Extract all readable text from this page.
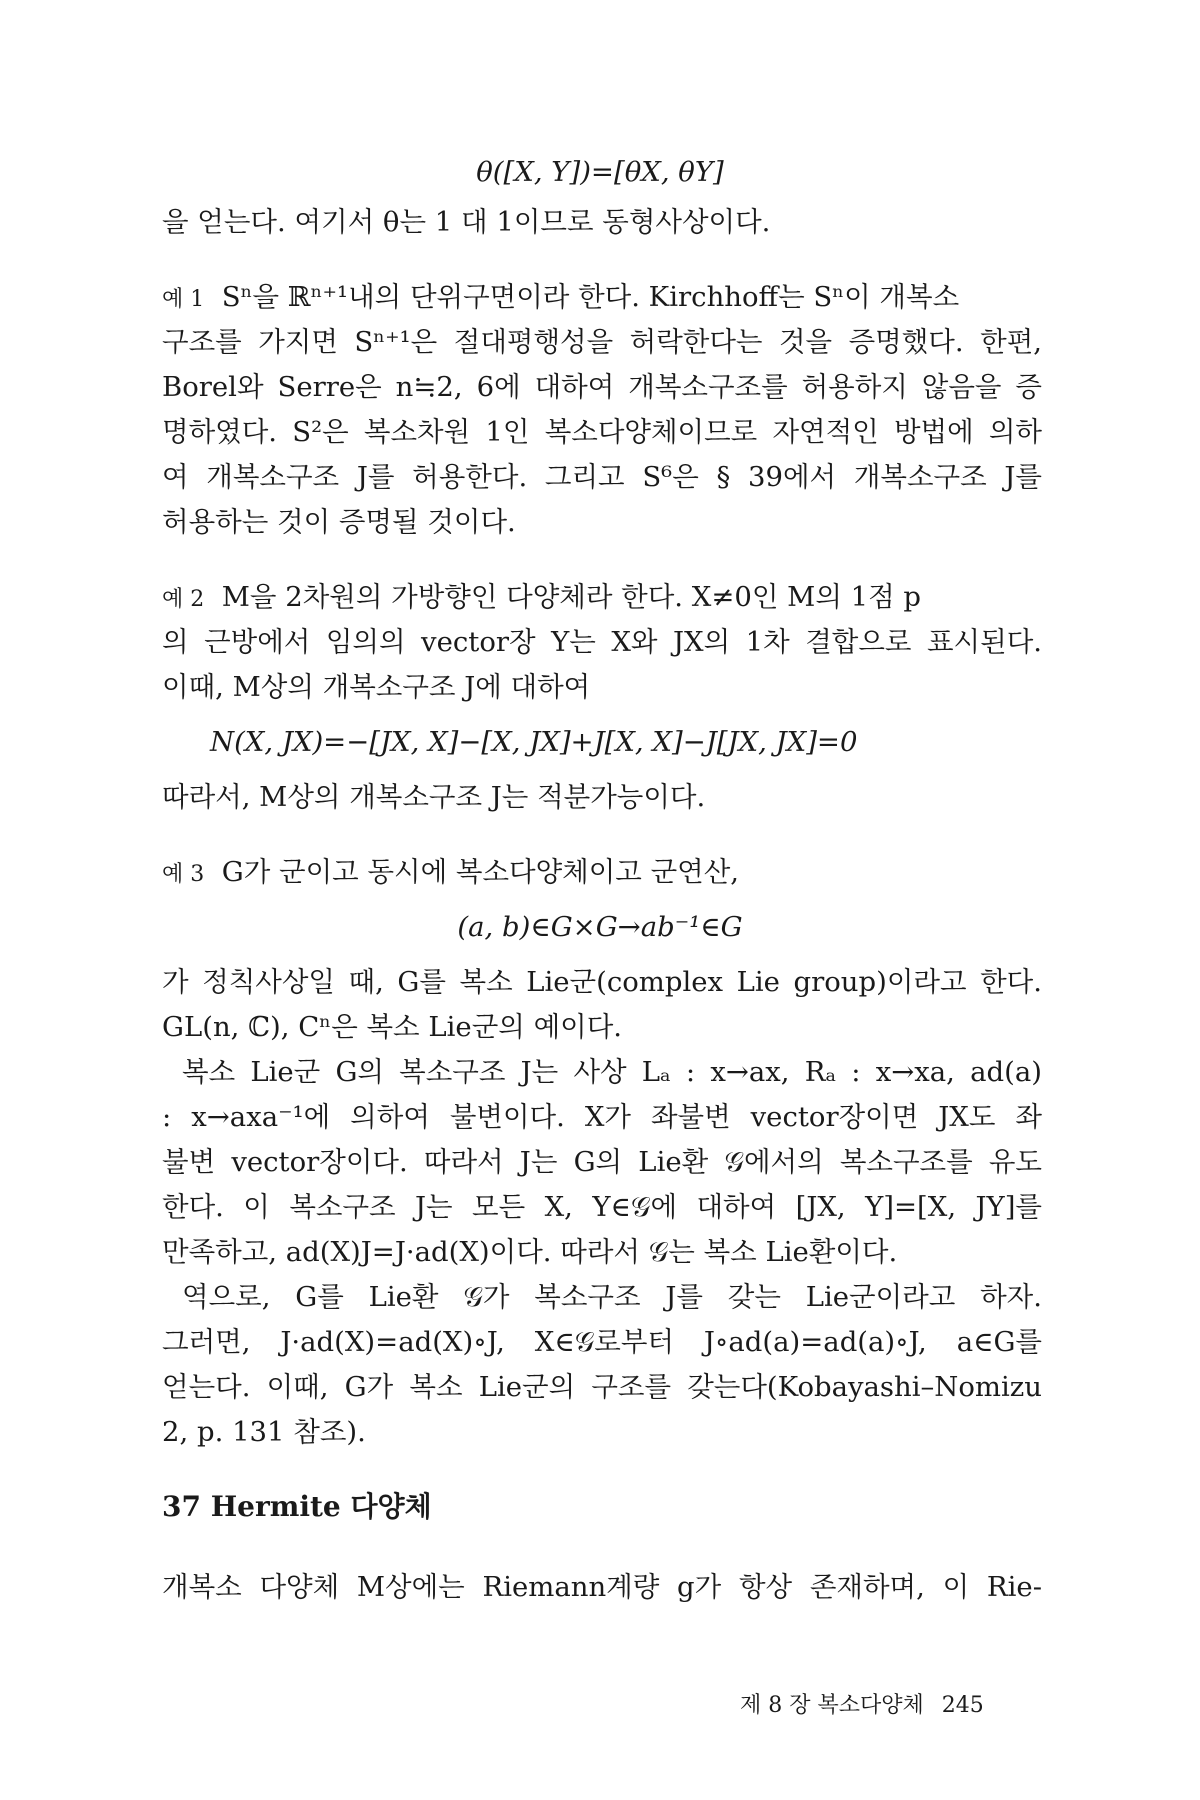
θ([X, Y])=[θX, θY]
을 얻는다. 여기서 θ는 1 대 1이므로 동형사상이다.
예 1 Sⁿ을 ℝⁿ⁺¹내의 단위구면이라 한다. Kirchhoff는 Sⁿ이 개복소
구조를 가지면 Sⁿ⁺¹은 절대평행성을 허락한다는 것을 증명했다. 한편,
Borel와 Serre은 n≒2, 6에 대하여 개복소구조를 허용하지 않음을 증
명하였다. S²은 복소차원 1인 복소다양체이므로 자연적인 방법에 의하
여 개복소구조 J를 허용한다. 그리고 S⁶은 § 39에서 개복소구조 J를
허용하는 것이 증명될 것이다.
예 2 M을 2차원의 가방향인 다양체라 한다. X≠0인 M의 1점 p
의 근방에서 임의의 vector장 Y는 X와 JX의 1차 결합으로 표시된다.
이때, M상의 개복소구조 J에 대하여
N(X, JX)=−[JX, X]−[X, JX]+J[X, X]−J[JX, JX]=0
따라서, M상의 개복소구조 J는 적분가능이다.
예 3 G가 군이고 동시에 복소다양체이고 군연산,
(a, b)∈G×G→ab⁻¹∈G
가 정칙사상일 때, G를 복소 Lie군(complex Lie group)이라고 한다.
GL(n, ℂ), Cⁿ은 복소 Lie군의 예이다.
복소 Lie군 G의 복소구조 J는 사상 Lₐ : x→ax, Rₐ : x→xa, ad(a)
: x→axa⁻¹에 의하여 불변이다. X가 좌불변 vector장이면 JX도 좌
불변 vector장이다. 따라서 J는 G의 Lie환 𝒢에서의 복소구조를 유도
한다. 이 복소구조 J는 모든 X, Y∈𝒢에 대하여 [JX, Y]=[X, JY]를
만족하고, ad(X)J=J·ad(X)이다. 따라서 𝒢는 복소 Lie환이다.
역으로, G를 Lie환 𝒢가 복소구조 J를 갖는 Lie군이라고 하자.
그러면, J·ad(X)=ad(X)∘J, X∈𝒢로부터 J∘ad(a)=ad(a)∘J, a∈G를
얻는다. 이때, G가 복소 Lie군의 구조를 갖는다(Kobayashi–Nomizu
2, p. 131 참조).
37 Hermite 다양체
개복소 다양체 M상에는 Riemann계량 g가 항상 존재하며, 이 Rie-
제 8 장 복소다양체 245
